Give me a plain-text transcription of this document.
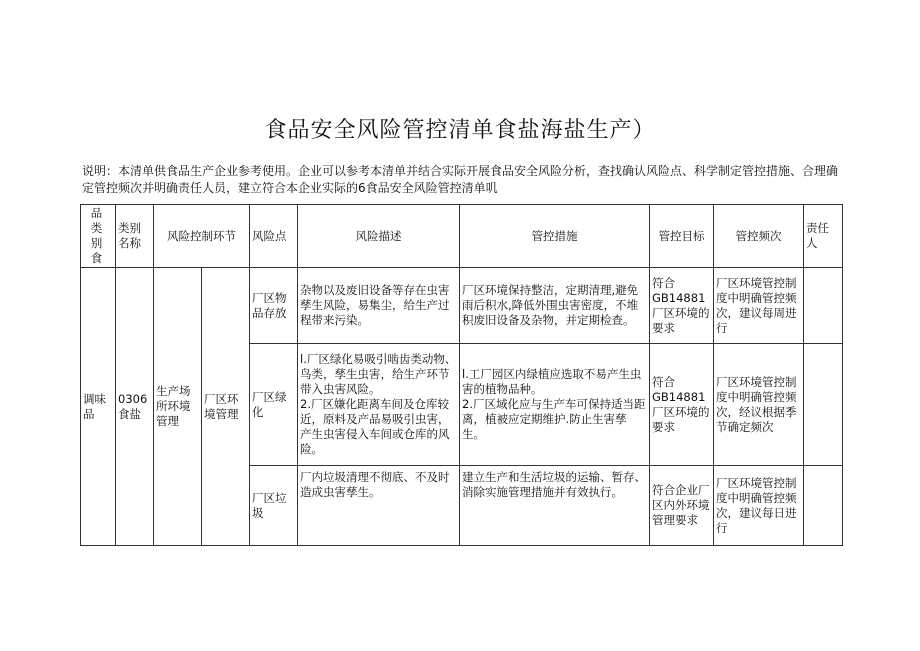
食品安全风险管控清单食盐海盐生产）
说明：本清单供食品生产企业参考使用。企业可以参考本清单并结合实际开展食品安全风险分析，查找确认风险点、科学制定管控措施、合理确定管控频次并明确责任人员，建立符合本企业实际的6食品安全风险管控清单叽
品
类 别
食	类别名称	风险控制环节		风险点	风险描述	管控措施	管控目标	管控频次	责任人
调味品	0306食盐	生产场所环境管理	厂区环境管理	厂区物品存放	杂物以及废旧设备等存在虫害孳生风险，易集尘，给生产过程带来污染。	厂区环境保持整洁，定期清理,避免雨后积水,降低外围虫害密度，不堆积废旧设备及杂物，并定期检查。	符合GB14881厂区环境的要求	厂区环境管控制度中明确管控频次，建议每周进行	
				厂区绿化	l.厂区绿化易吸引啮齿类动物、鸟类，孳生虫害，给生产环节带入虫害风险。
2.厂区嫌化距离车间及仓库较近，原料及产品易吸引虫害，产生虫害侵入车间或仓库的风险。	l.工厂园区内绿植应选取不易产生虫害的植物品种。
2.厂区域化应与生产车可保持适当距离，植被应定期维护.防止生害孳生。	符合GB14881厂区环境的要求	厂区环境管控制度中明确管控频次，经议根据季节确定频次	
				厂区垃圾	厂内垃圾清理不彻底、不及时造成虫害孳生。	建立生产和生活垃圾的运输、暂存、消除实施管理措施并有效执行。	符合企业厂区内外环境管理要求	厂区环境管控制度中明确管控频次，建议每日进行	
